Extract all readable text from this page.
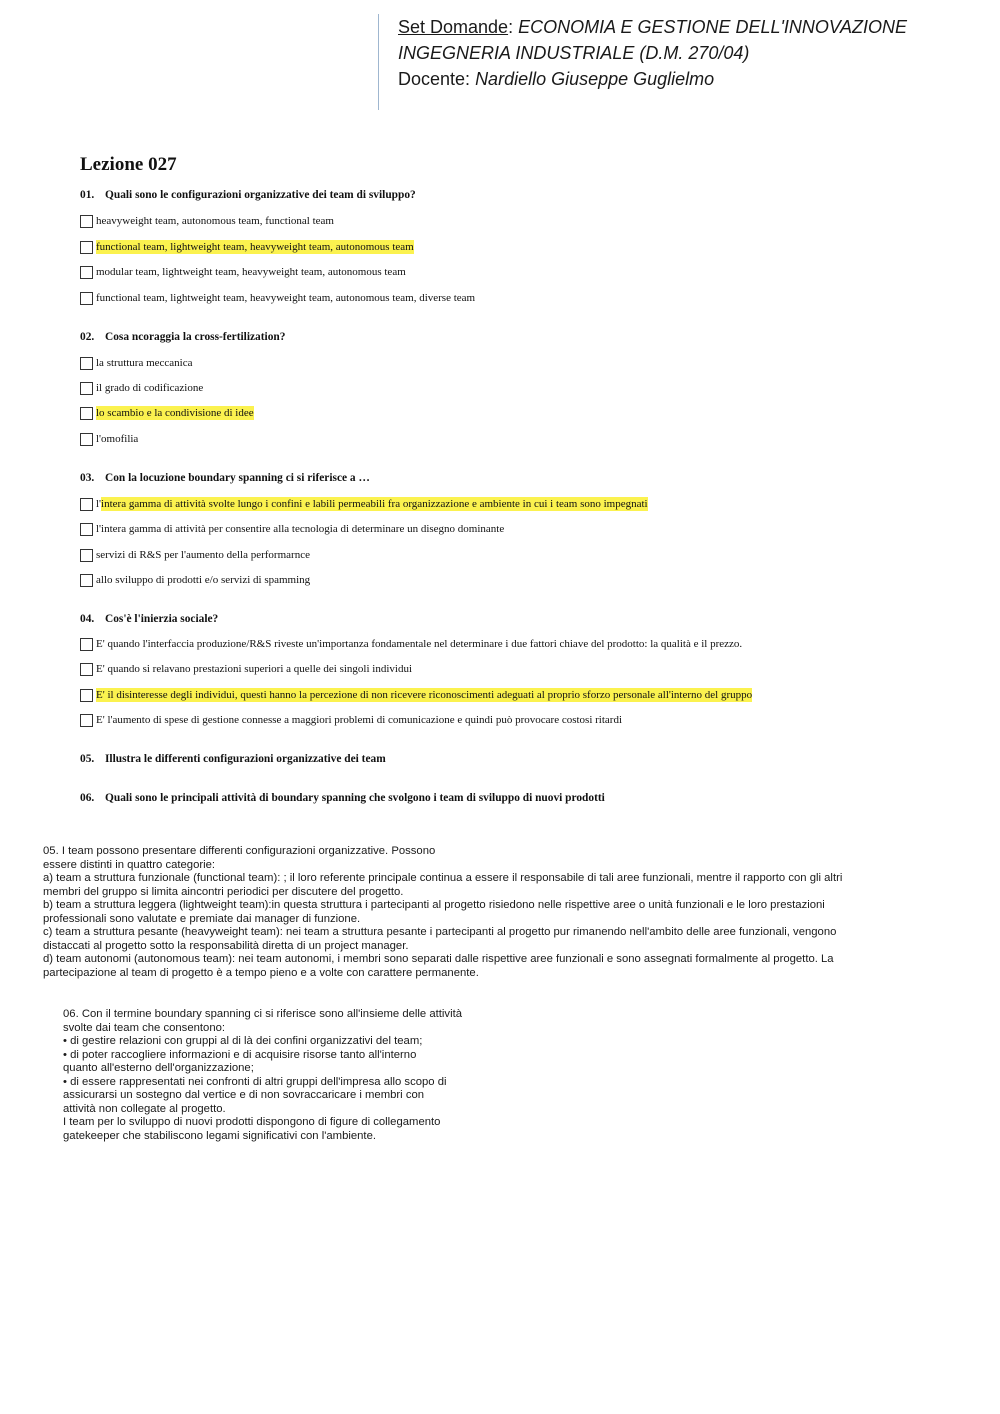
Set Domande: ECONOMIA E GESTIONE DELL'INNOVAZIONE
INGEGNERIA INDUSTRIALE (D.M. 270/04)
Docente: Nardiello Giuseppe Guglielmo
Lezione 027
01. Quali sono le configurazioni organizzative dei team di sviluppo?
heavyweight team, autonomous team, functional team
functional team, lightweight team, heavyweight team, autonomous team
modular team, lightweight team, heavyweight team, autonomous team
functional team, lightweight team, heavyweight team, autonomous team, diverse team
02. Cosa ncoraggia la cross-fertilization?
la struttura meccanica
il grado di codificazione
lo scambio e la condivisione di idee
l'omofilia
03. Con la locuzione boundary spanning ci si riferisce a …
l' intera gamma di attività svolte lungo i confini e labili permeabili fra organizzazione e ambiente in cui i team sono impegnati
l'intera gamma di attività per consentire alla tecnologia di determinare un disegno dominante
servizi di R&S per l'aumento della performarnce
allo sviluppo di prodotti e/o servizi di spamming
04. Cos'è l'inierzia sociale?
E' quando l'interfaccia produzione/R&S riveste un'importanza fondamentale nel determinare i due fattori chiave del prodotto: la qualità e il prezzo.
E' quando si relavano prestazioni superiori a quelle dei singoli individui
E' il disinteresse degli individui, questi hanno la percezione di non ricevere riconoscimenti adeguati al proprio sforzo personale all'interno del gruppo
E' l'aumento di spese di gestione connesse a maggiori problemi di comunicazione e quindi può provocare costosi ritardi
05. Illustra le differenti configurazioni organizzative dei team
06. Quali sono le principali attività di boundary spanning che svolgono i team di sviluppo di nuovi prodotti

05. I team possono presentare differenti configurazioni organizzative. Possono

essere distinti in quattro categorie:

a) team a struttura funzionale (functional team): ; il loro referente principale continua a essere il responsabile di tali aree funzionali, mentre il rapporto con gli altri

membri del gruppo si limita aincontri periodici per discutere del progetto.

b) team a struttura leggera (lightweight team):in questa struttura i partecipanti al progetto risiedono nelle rispettive aree o unità funzionali e le loro prestazioni

professionali sono valutate e premiate dai manager di funzione.

c) team a struttura pesante (heavyweight team): nei team a struttura pesante i partecipanti al progetto pur rimanendo nell'ambito delle aree funzionali, vengono

distaccati al progetto sotto la responsabilità diretta di un project manager.

d) team autonomi (autonomous team): nei team autonomi, i membri sono separati dalle rispettive aree funzionali e sono assegnati formalmente al progetto. La

partecipazione al team di progetto è a tempo pieno e a volte con carattere permanente.

06. Con il termine boundary spanning ci si riferisce sono all'insieme delle attività

svolte dai team che consentono:

• di gestire relazioni con gruppi al di là dei confini organizzativi del team;

• di poter raccogliere informazioni e di acquisire risorse tanto all'interno

quanto all'esterno dell'organizzazione;

• di essere rappresentati nei confronti di altri gruppi dell'impresa allo scopo di

assicurarsi un sostegno dal vertice e di non sovraccaricare i membri con

attività non collegate al progetto.

I team per lo sviluppo di nuovi prodotti dispongono di figure di collegamento

gatekeeper che stabiliscono legami significativi con l'ambiente.
